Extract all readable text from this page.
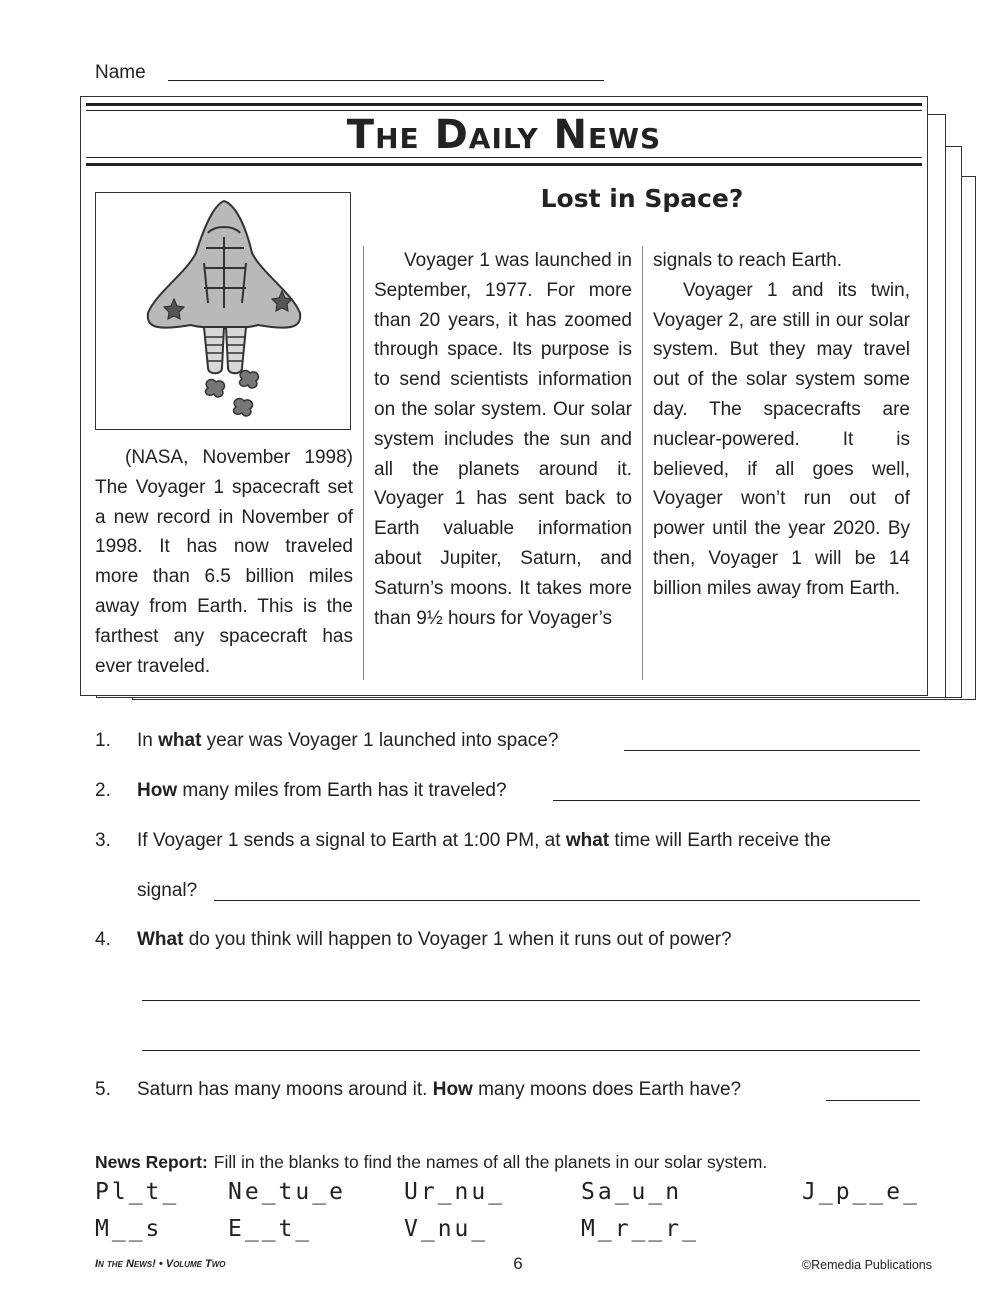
Name
The Daily News

(NASA, November 1998) The Voyager 1 spacecraft set a new record in November of 1998. It has now traveled more than 6.5 billion miles away from Earth. This is the farthest any spacecraft has ever traveled.

Lost in Space?

Voyager 1 was launched in September, 1977. For more than 20 years, it has zoomed through space. Its purpose is to send scientists information on the solar system. Our solar system includes the sun and all the planets around it. Voyager 1 has sent back to Earth valuable information about Jupiter, Saturn, and Saturn’s moons. It takes more than 9½ hours for Voyager’s

signals to reach Earth.

Voyager 1 and its twin, Voyager 2, are still in our solar system. But they may travel out of the solar system some day. The spacecrafts are nuclear-powered. It is believed, if all goes well, Voyager won’t run out of power until the year 2020. By then, Voyager 1 will be 14 billion miles away from Earth.

1. In what year was Voyager 1 launched into space?
2. How many miles from Earth has it traveled?
3. If Voyager 1 sends a signal to Earth at 1:00 PM, at what time will Earth receive the
signal?
4. What do you think will happen to Voyager 1 when it runs out of power?
5. Saturn has many moons around it. How many moons does Earth have?
News Report: Fill in the blanks to find the names of all the planets in our solar system.
Pl_t_ Ne_tu_e	Ur_nu_	Sa_u_n	J_p__e_
M__s	E__t_	V_nu_	M_r__r_
In the News! • Volume Two	6	©Remedia Publications
